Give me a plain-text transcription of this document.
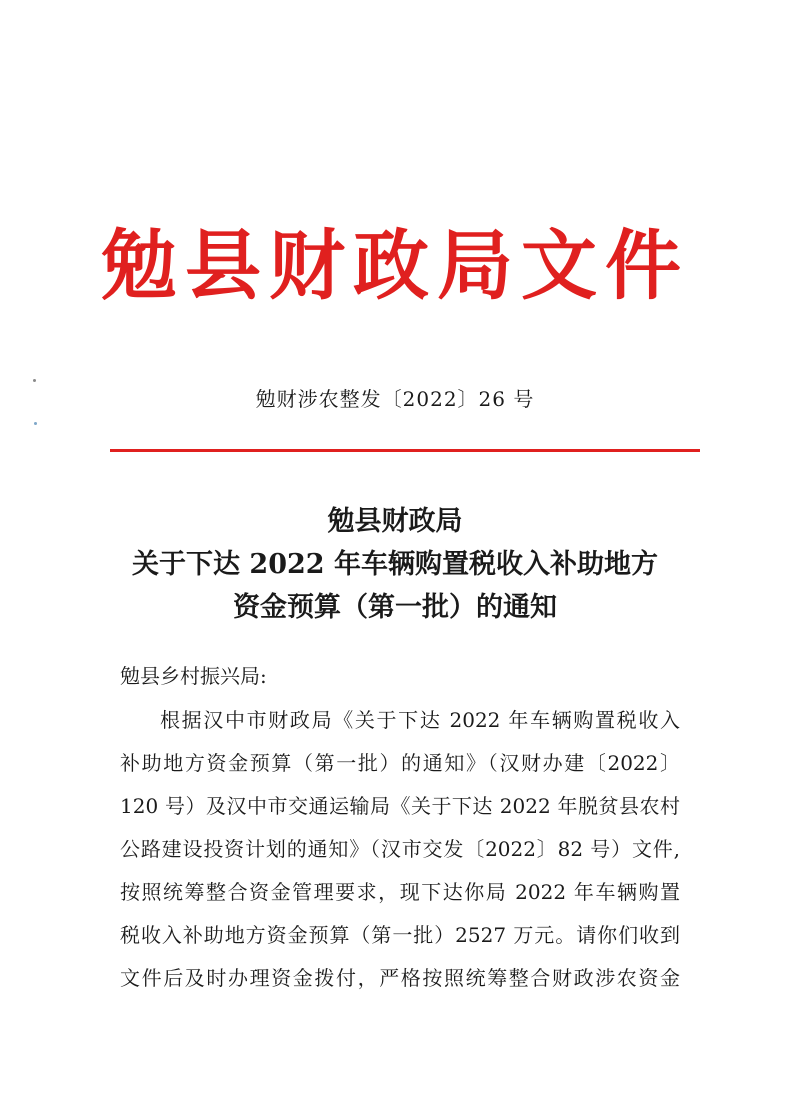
勉县财政局文件
勉财涉农整发〔2022〕26 号
勉县财政局
关于下达 2022 年车辆购置税收入补助地方
资金预算（第一批）的通知
勉县乡村振兴局:
根据汉中市财政局《关于下达 2022 年车辆购置税收入
补助地方资金预算（第一批）的通知》（汉财办建〔2022〕
120 号）及汉中市交通运输局《关于下达 2022 年脱贫县农村
公路建设投资计划的通知》（汉市交发〔2022〕82 号）文件,
按照统筹整合资金管理要求，现下达你局 2022 年车辆购置
税收入补助地方资金预算（第一批）2527 万元。请你们收到
文件后及时办理资金拨付，严格按照统筹整合财政涉农资金
